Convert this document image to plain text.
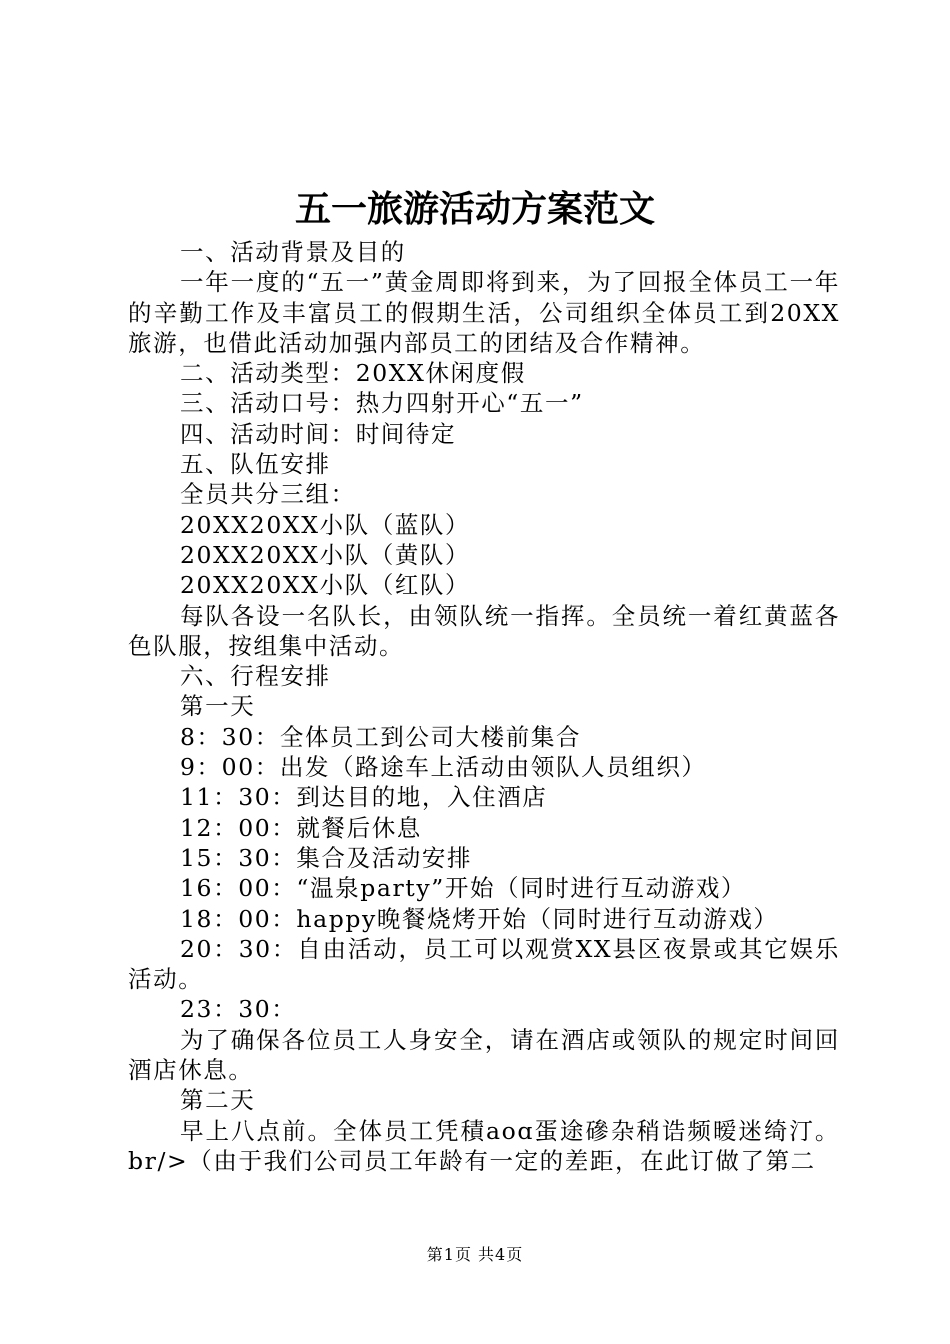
五一旅游活动方案范文

一、活动背景及目的

一年一度的“五一”黄金周即将到来，为了回报全体员工一年的辛勤工作及丰富员工的假期生活，公司组织全体员工到20XX旅游，也借此活动加强内部员工的团结及合作精神。

二、活动类型：20XX休闲度假

三、活动口号：热力四射开心“五一”

四、活动时间：时间待定

五、队伍安排

全员共分三组：

20XX20XX小队（蓝队）

20XX20XX小队（黄队）

20XX20XX小队（红队）

每队各设一名队长，由领队统一指挥。全员统一着红黄蓝各色队服，按组集中活动。

六、行程安排

第一天

8：30：全体员工到公司大楼前集合

9：00：出发（路途车上活动由领队人员组织）

11：30：到达目的地，入住酒店

12：00：就餐后休息

15：30：集合及活动安排

16：00：“温泉party”开始（同时进行互动游戏）

18：00：happy晚餐烧烤开始（同时进行互动游戏）

20：30：自由活动，员工可以观赏XX县区夜景或其它娱乐活动。

23：30：

为了确保各位员工人身安全，请在酒店或领队的规定时间回酒店休息。

第二天

早上八点前。全体员工凭積aoɑ蛋途磣杂稍诰频暧迷绮汀。br/>（由于我们公司员工年龄有一定的差距，在此订做了第二

第1页 共4页
